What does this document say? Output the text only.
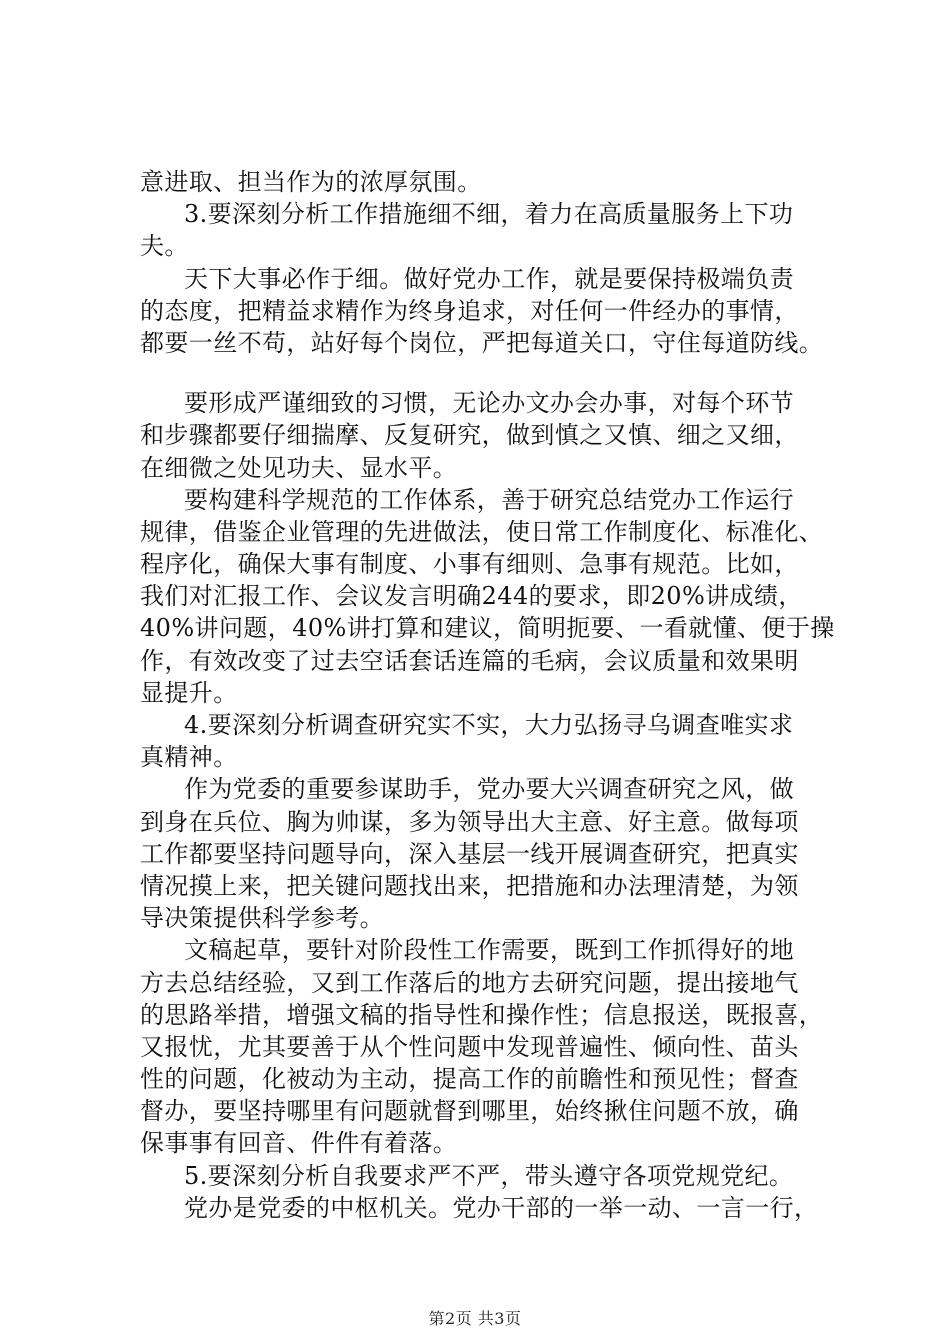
意进取、担当作为的浓厚氛围。
3.要深刻分析工作措施细不细，着力在高质量服务上下功
夫。
天下大事必作于细。做好党办工作，就是要保持极端负责
的态度，把精益求精作为终身追求，对任何一件经办的事情，
都要一丝不苟，站好每个岗位，严把每道关口，守住每道防线。
要形成严谨细致的习惯，无论办文办会办事，对每个环节
和步骤都要仔细揣摩、反复研究，做到慎之又慎、细之又细，
在细微之处见功夫、显水平。
要构建科学规范的工作体系，善于研究总结党办工作运行
规律，借鉴企业管理的先进做法，使日常工作制度化、标准化、
程序化，确保大事有制度、小事有细则、急事有规范。比如，
我们对汇报工作、会议发言明确244的要求，即20%讲成绩，
40%讲问题，40%讲打算和建议，简明扼要、一看就懂、便于操
作，有效改变了过去空话套话连篇的毛病，会议质量和效果明
显提升。
4.要深刻分析调查研究实不实，大力弘扬寻乌调查唯实求
真精神。
作为党委的重要参谋助手，党办要大兴调查研究之风，做
到身在兵位、胸为帅谋，多为领导出大主意、好主意。做每项
工作都要坚持问题导向，深入基层一线开展调查研究，把真实
情况摸上来，把关键问题找出来，把措施和办法理清楚，为领
导决策提供科学参考。
文稿起草，要针对阶段性工作需要，既到工作抓得好的地
方去总结经验，又到工作落后的地方去研究问题，提出接地气
的思路举措，增强文稿的指导性和操作性；信息报送，既报喜，
又报忧，尤其要善于从个性问题中发现普遍性、倾向性、苗头
性的问题，化被动为主动，提高工作的前瞻性和预见性；督查
督办，要坚持哪里有问题就督到哪里，始终揪住问题不放，确
保事事有回音、件件有着落。
5.要深刻分析自我要求严不严，带头遵守各项党规党纪。
党办是党委的中枢机关。党办干部的一举一动、一言一行，
第2页 共3页
